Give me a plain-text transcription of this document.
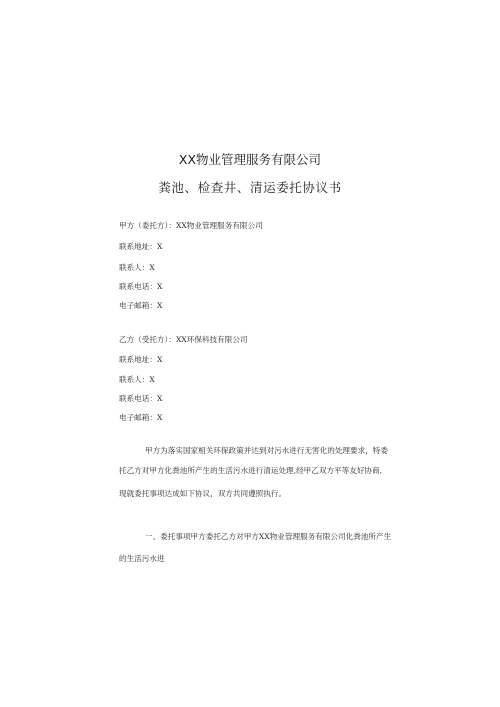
XX物业管理服务有限公司
粪池、检查井、清运委托协议书
甲方（委托方）：XX物业管理服务有限公司
联系地址：X
联系人：X
联系电话：X
电子邮箱：X
乙方（受托方）：XX环保科技有限公司
联系地址：X
联系人：X
联系电话：X
电子邮箱：X
甲方为落实国家相关环保政策并达到对污水进行无害化的处理要求，特委
托乙方对甲方化粪池所产生的生活污水进行清运处理,经甲乙双方平等友好协商,
现就委托事项达成如下协议，双方共同遵照执行。
一、委托事项甲方委托乙方对甲方XX物业管理服务有限公司化粪池所产生
的生活污水进
